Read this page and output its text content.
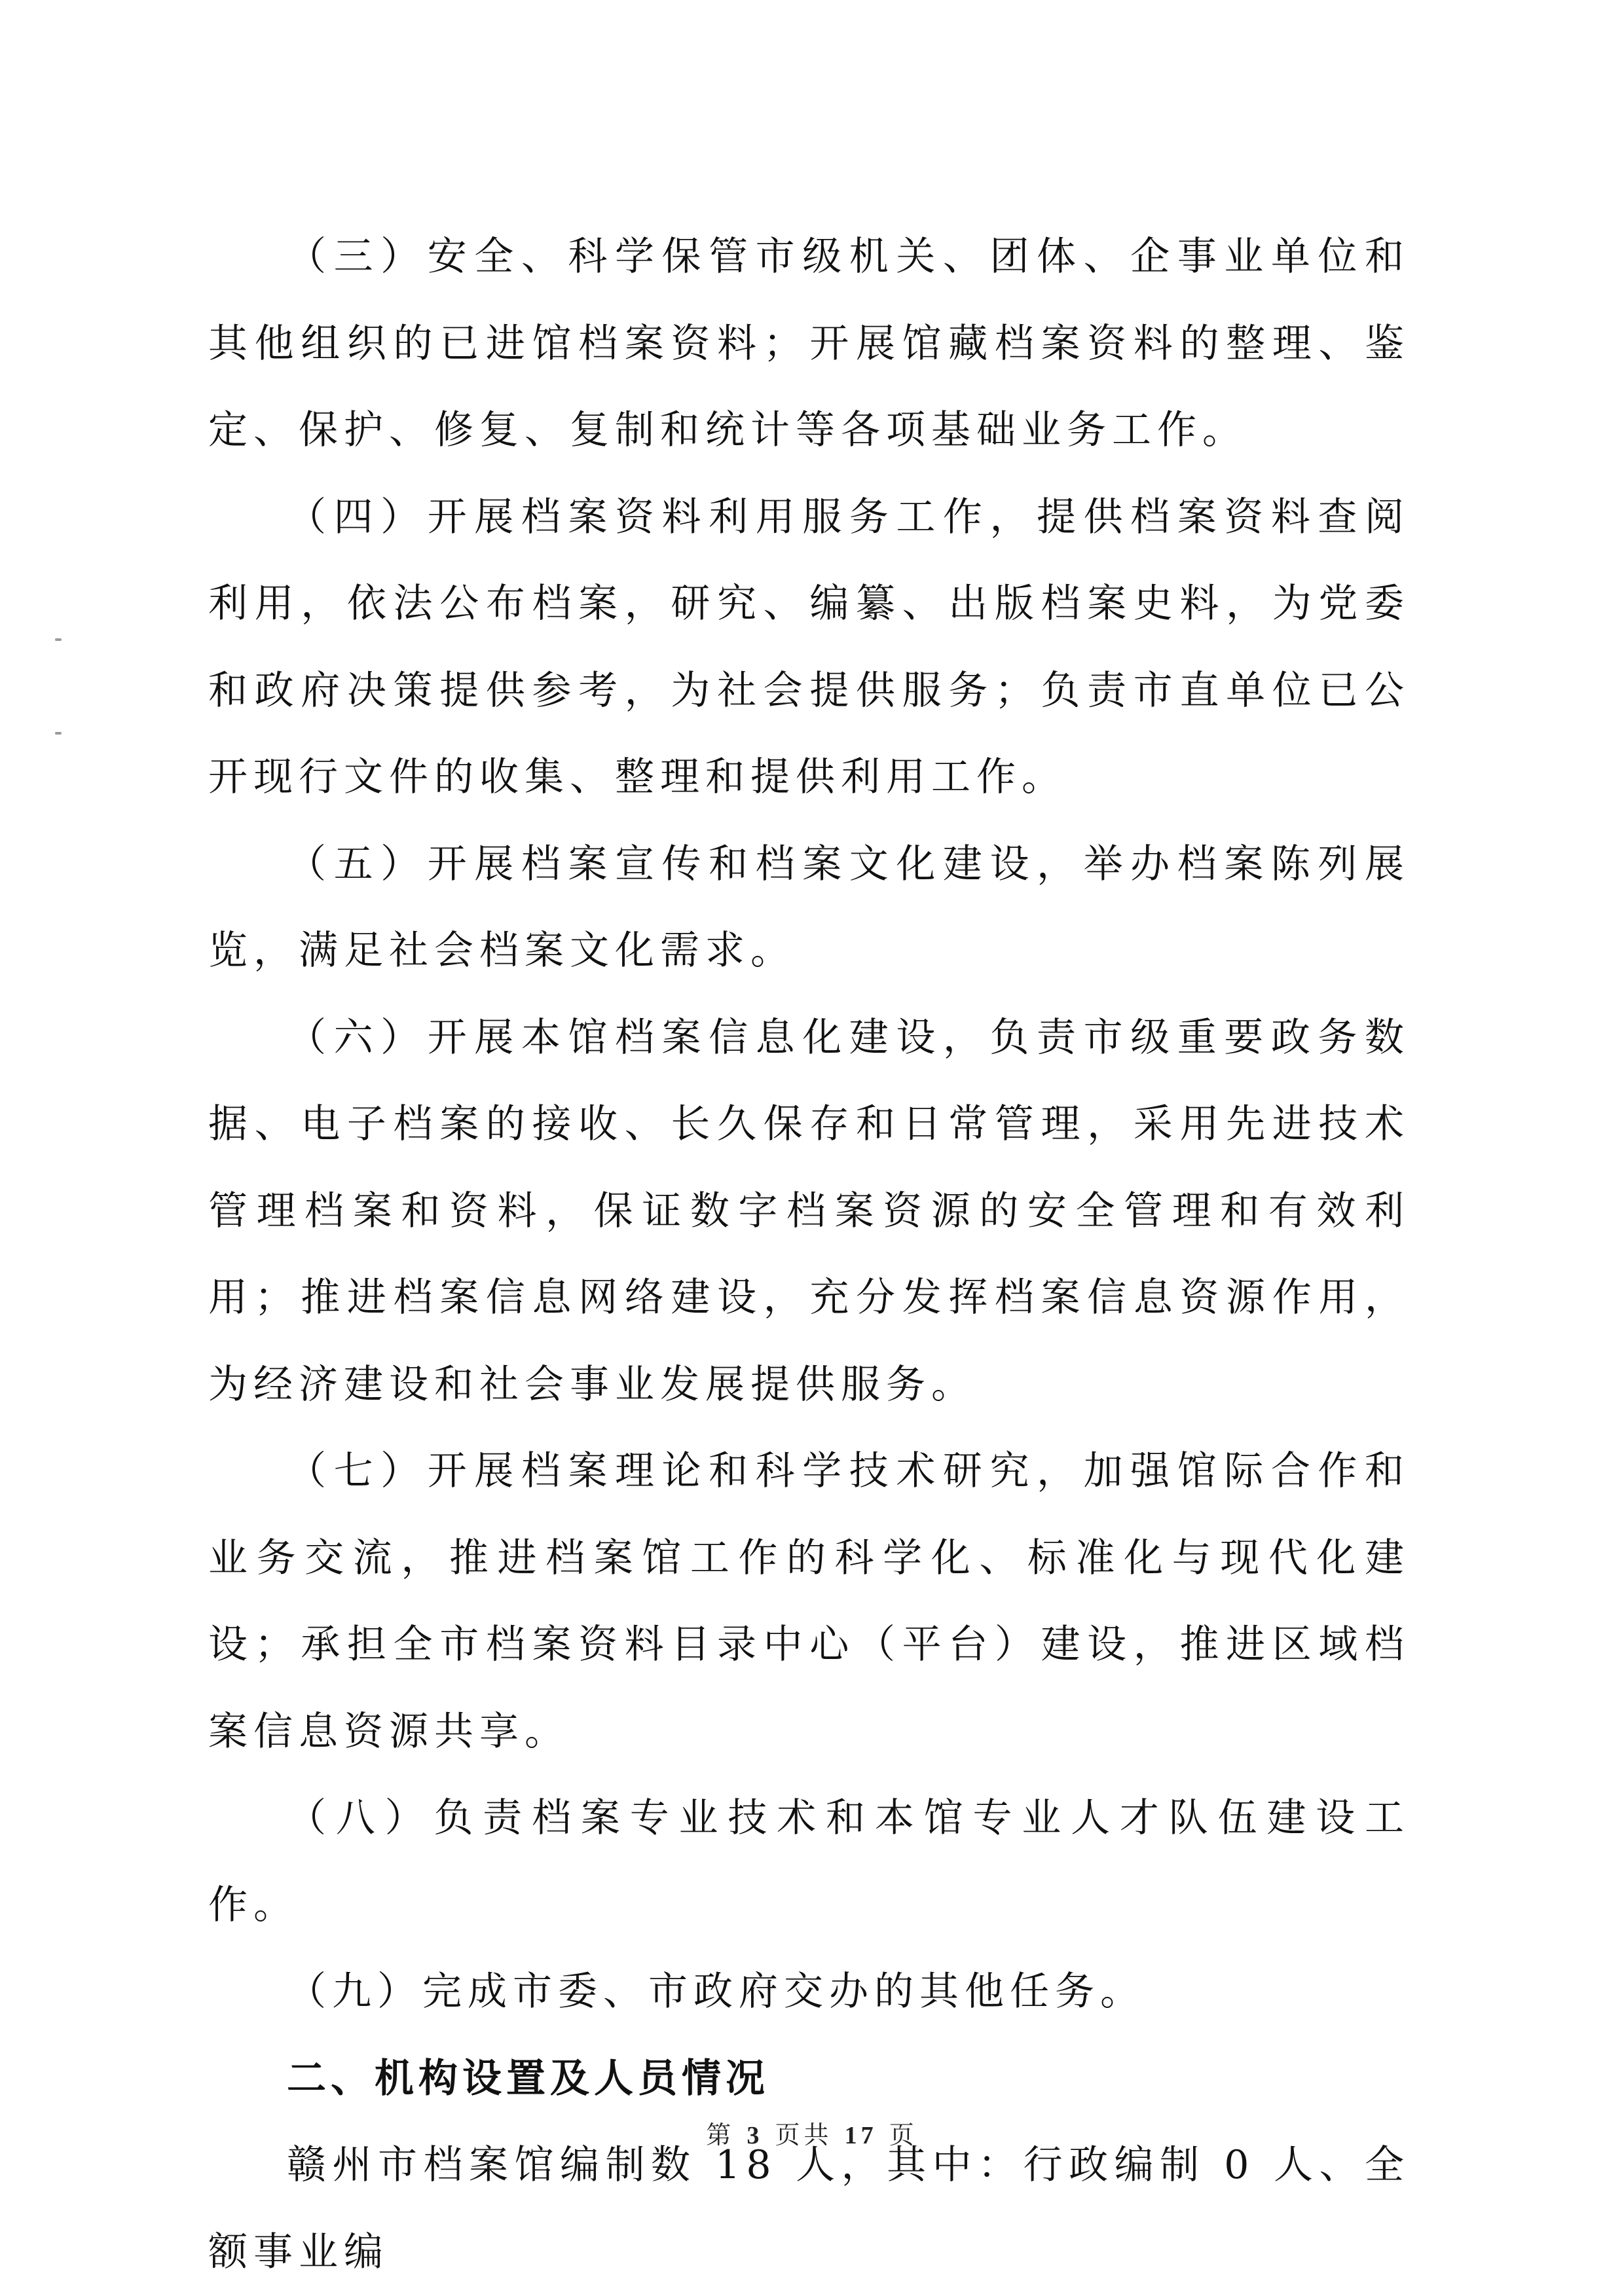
（三）安全、科学保管市级机关、团体、企事业单位和其他组织的已进馆档案资料；开展馆藏档案资料的整理、鉴定、保护、修复、复制和统计等各项基础业务工作。

（四）开展档案资料利用服务工作，提供档案资料查阅利用，依法公布档案，研究、编纂、出版档案史料，为党委和政府决策提供参考，为社会提供服务；负责市直单位已公开现行文件的收集、整理和提供利用工作。

（五）开展档案宣传和档案文化建设，举办档案陈列展览，满足社会档案文化需求。

（六）开展本馆档案信息化建设，负责市级重要政务数据、电子档案的接收、长久保存和日常管理，采用先进技术管理档案和资料，保证数字档案资源的安全管理和有效利用；推进档案信息网络建设，充分发挥档案信息资源作用，为经济建设和社会事业发展提供服务。

（七）开展档案理论和科学技术研究，加强馆际合作和业务交流，推进档案馆工作的科学化、标准化与现代化建设；承担全市档案资料目录中心（平台）建设，推进区域档案信息资源共享。

（八）负责档案专业技术和本馆专业人才队伍建设工作。

（九）完成市委、市政府交办的其他任务。

二、机构设置及人员情况

赣州市档案馆编制数 18 人，其中：行政编制 0 人、全额事业编

第 3 页共 17 页
